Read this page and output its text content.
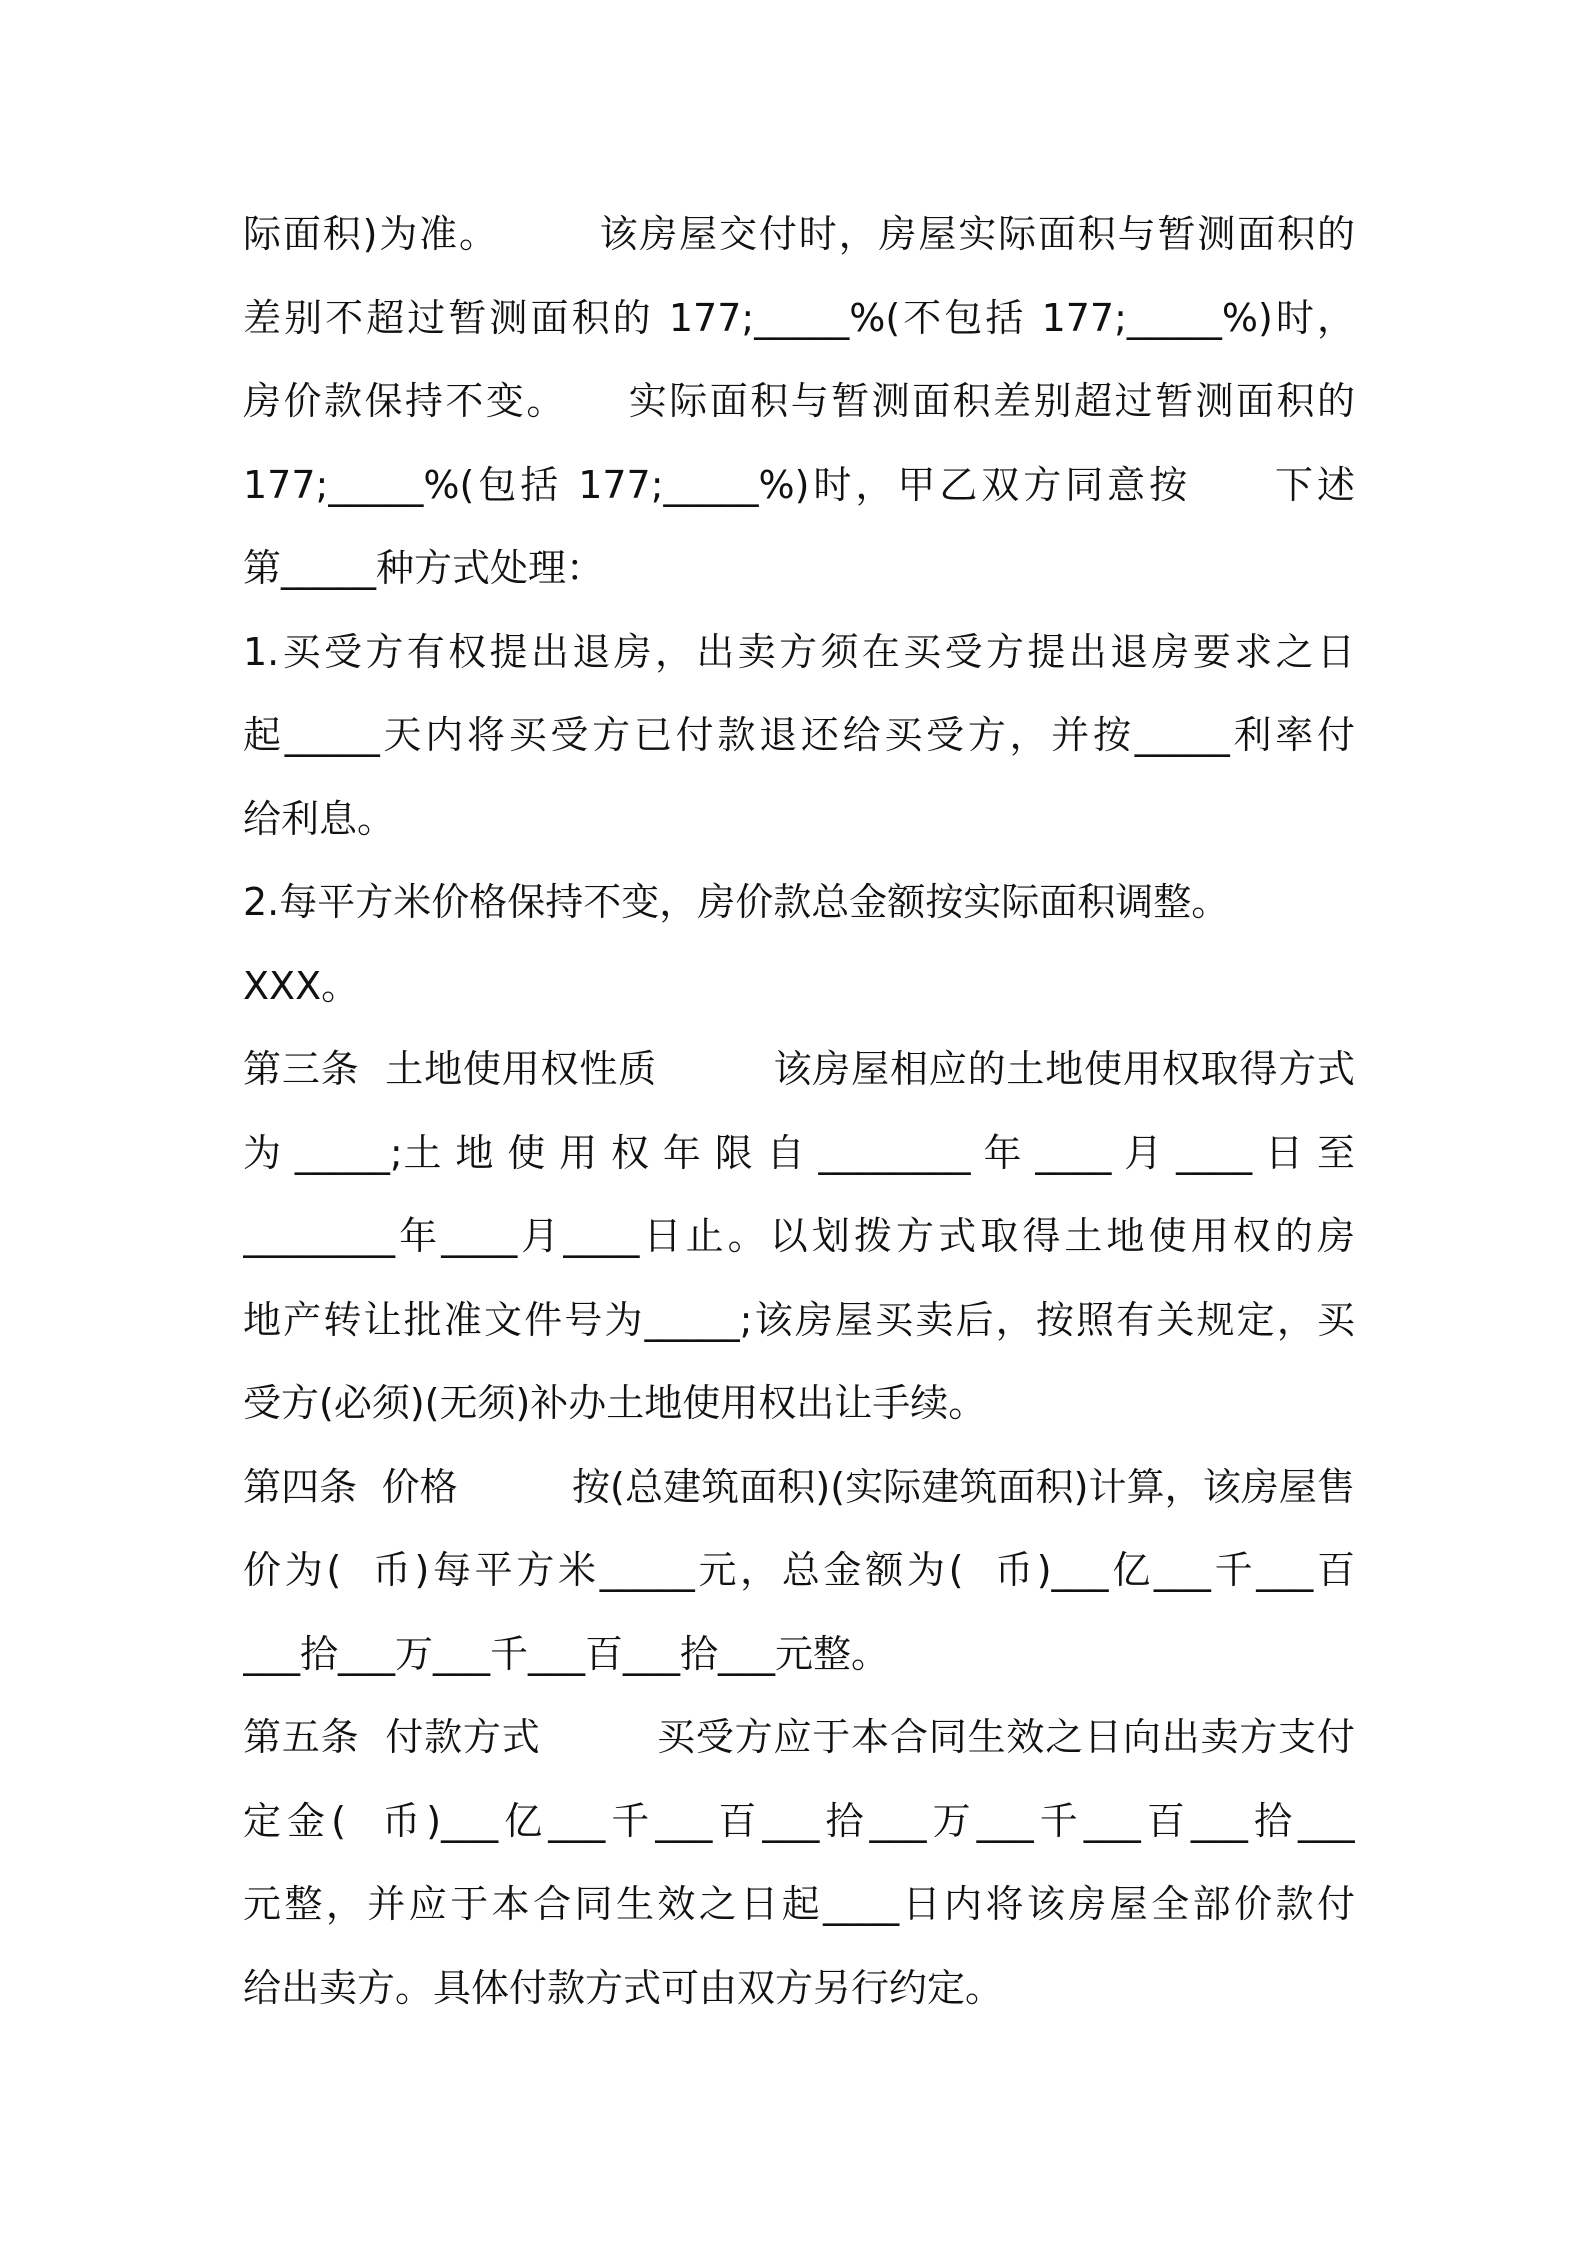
际面积)为准。　　　该房屋交付时，房屋实际面积与暂测面积的
差别不超过暂测面积的 177;_____%(不包括 177;_____%)时，
房价款保持不变。　　实际面积与暂测面积差别超过暂测面积的
177;_____%(包括 177;_____%)时，甲乙双方同意按　　下述
第_____种方式处理：
1.买受方有权提出退房，出卖方须在买受方提出退房要求之日
起_____天内将买受方已付款退还给买受方，并按_____利率付
给利息。
2.每平方米价格保持不变，房价款总金额按实际面积调整。
XXX。
第三条  土地使用权性质　　　该房屋相应的土地使用权取得方式
为 _____;土 地 使 用 权 年 限 自 ________ 年 ____ 月 ____ 日 至
________年____月____日止。以划拨方式取得土地使用权的房
地产转让批准文件号为_____;该房屋买卖后，按照有关规定，买
受方(必须)(无须)补办土地使用权出让手续。
第四条  价格　　　按(总建筑面积)(实际建筑面积)计算，该房屋售
价为(  币)每平方米_____元，总金额为(  币)___亿___千___百
___拾___万___千___百___拾___元整。
第五条  付款方式　　　买受方应于本合同生效之日向出卖方支付
定金(  币)___亿___千___百___拾___万___千___百___拾___
元整，并应于本合同生效之日起____日内将该房屋全部价款付
给出卖方。具体付款方式可由双方另行约定。
